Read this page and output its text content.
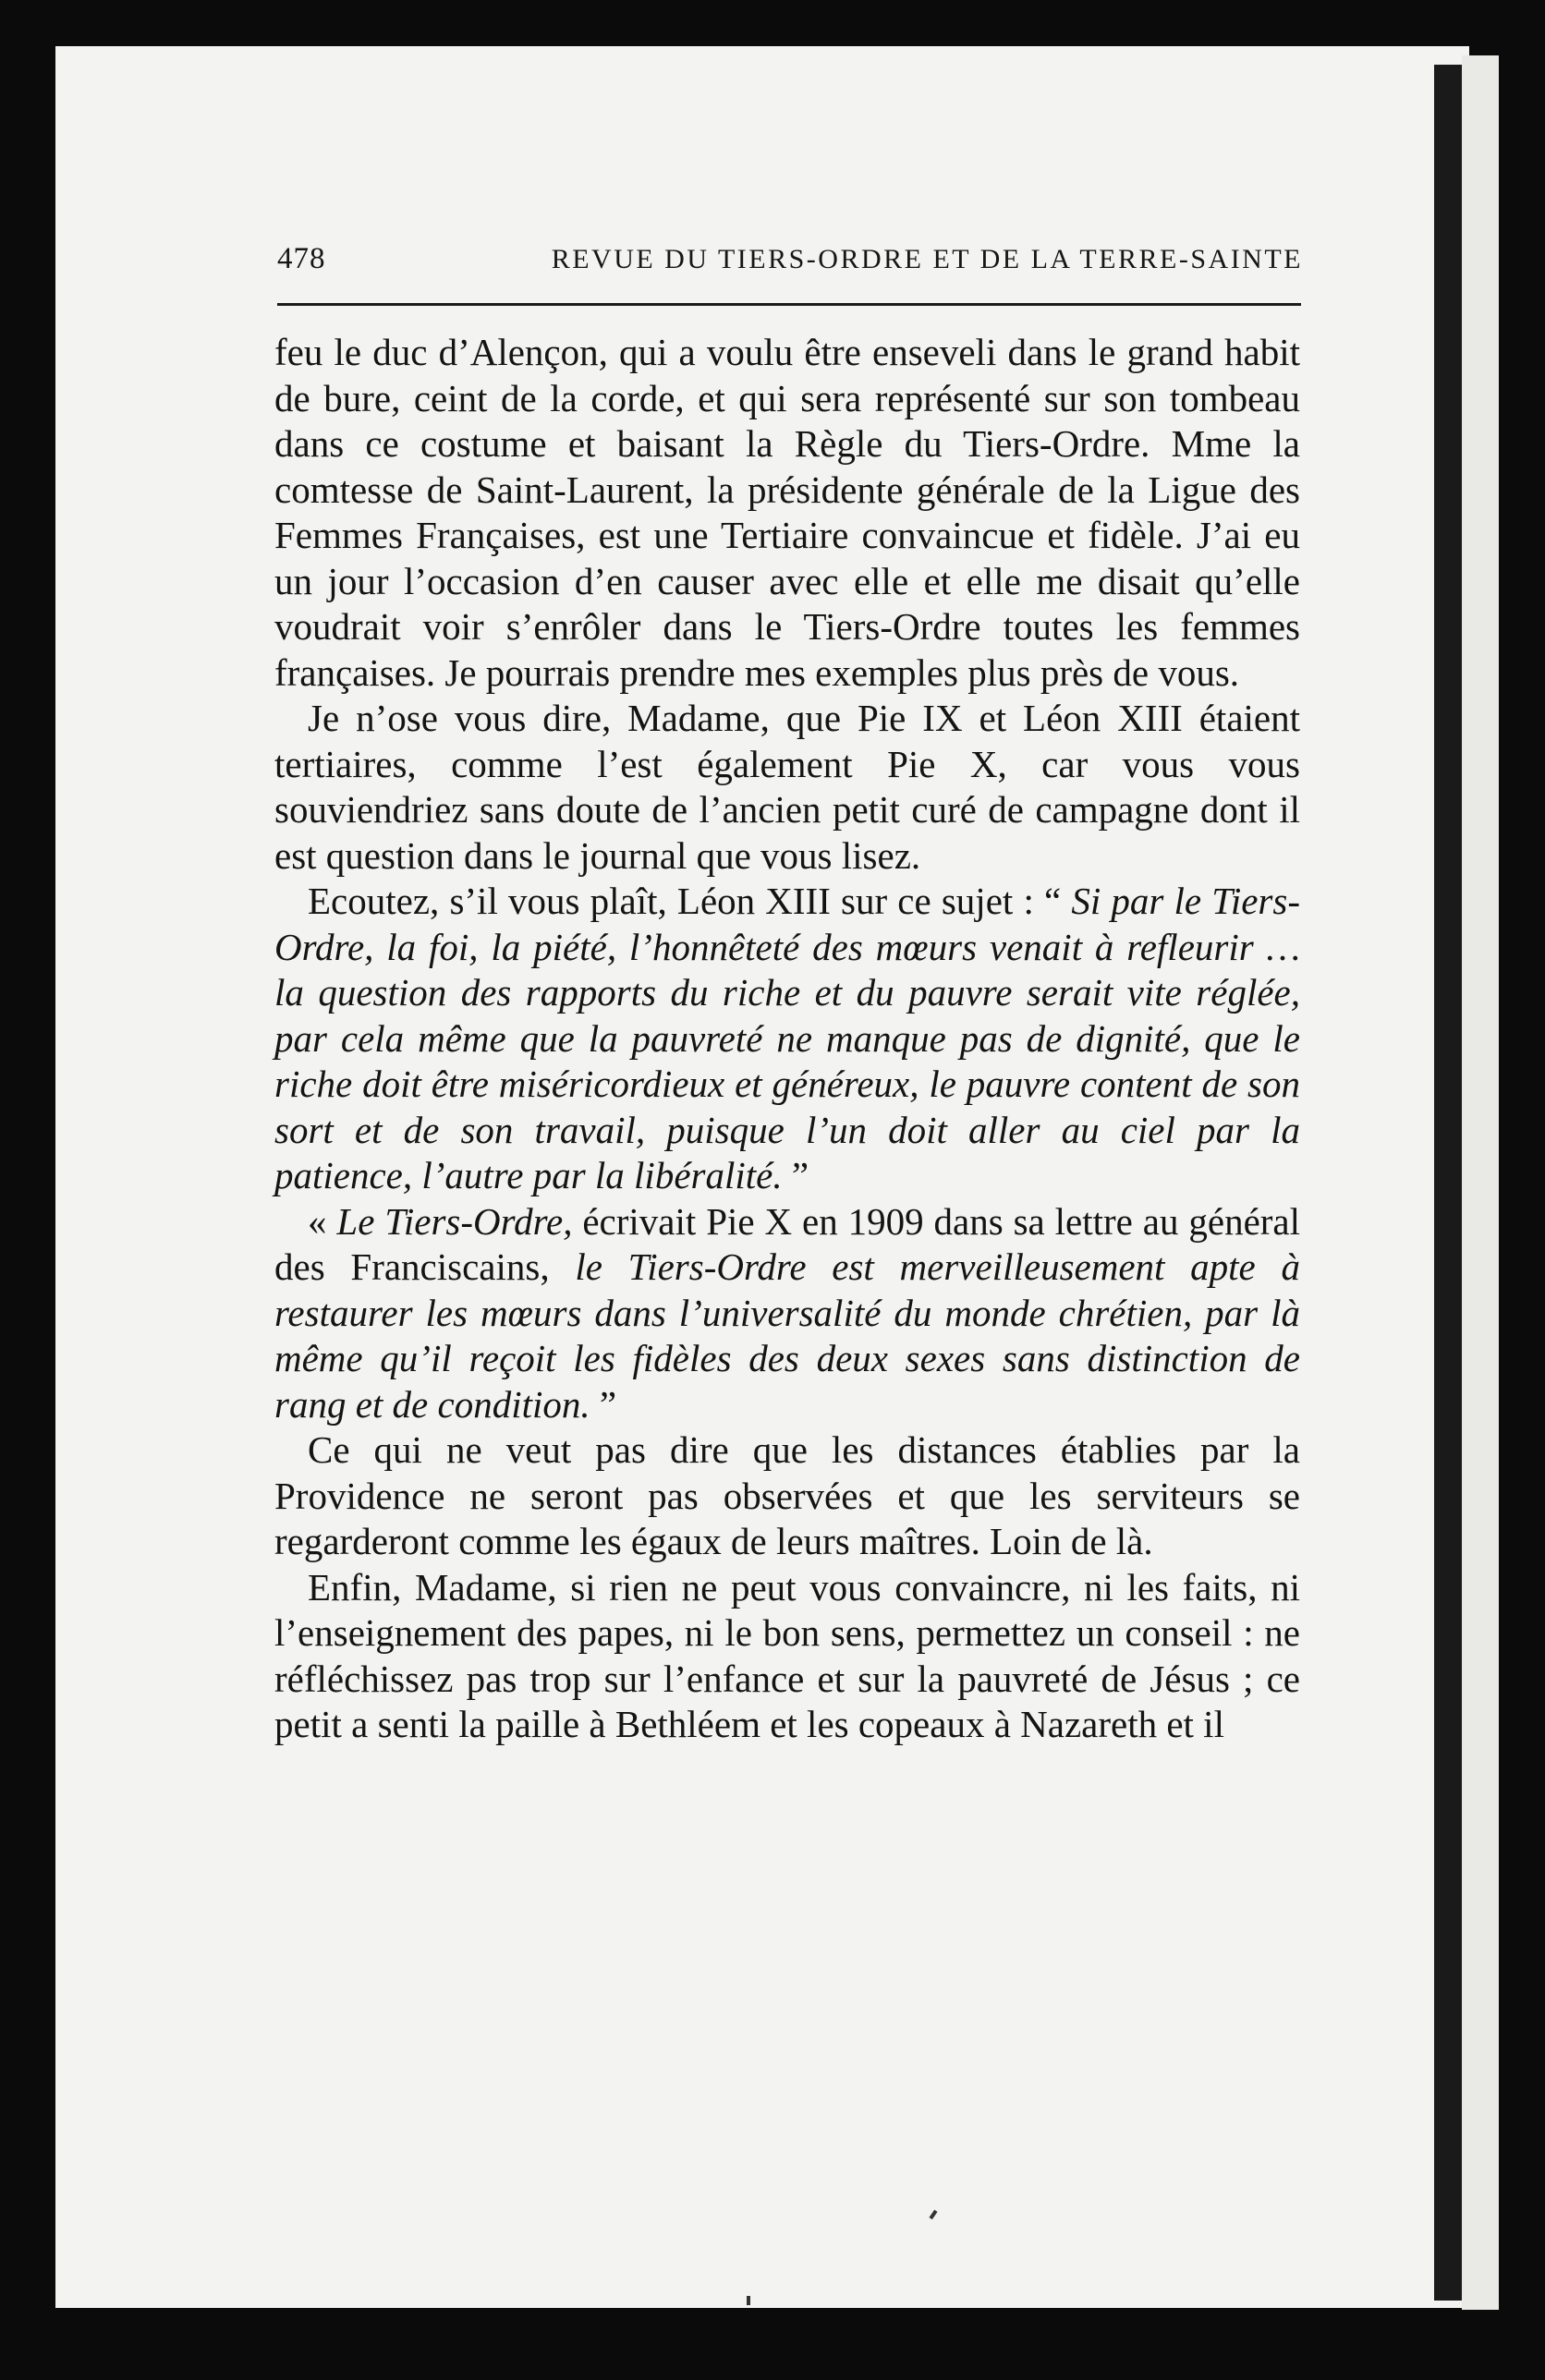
478	REVUE DU TIERS-ORDRE ET DE LA TERRE-SAINTE

feu le duc d’Alençon, qui a voulu être enseveli dans le grand habit de bure, ceint de la corde, et qui sera représenté sur son tombeau dans ce costume et baisant la Règle du Tiers-Ordre. Mme la comtesse de Saint-Laurent, la présidente générale de la Ligue des Femmes Françaises, est une Tertiaire convaincue et fidèle. J’ai eu un jour l’occasion d’en causer avec elle et elle me disait qu’elle voudrait voir s’enrôler dans le Tiers-Ordre toutes les femmes françaises. Je pourrais prendre mes exemples plus près de vous.

Je n’ose vous dire, Madame, que Pie IX et Léon XIII étaient tertiaires, comme l’est également Pie X, car vous vous souviendriez sans doute de l’ancien petit curé de campagne dont il est question dans le journal que vous lisez.

Ecoutez, s’il vous plaît, Léon XIII sur ce sujet : “ Si par le Tiers-Ordre, la foi, la piété, l’honnêteté des mœurs venait à refleurir … la question des rapports du riche et du pauvre serait vite réglée, par cela même que la pauvreté ne manque pas de dignité, que le riche doit être miséricordieux et généreux, le pauvre content de son sort et de son travail, puisque l’un doit aller au ciel par la patience, l’autre par la libéralité. ”

« Le Tiers-Ordre, écrivait Pie X en 1909 dans sa lettre au général des Franciscains, le Tiers-Ordre est merveilleusement apte à restaurer les mœurs dans l’universalité du monde chrétien, par là même qu’il reçoit les fidèles des deux sexes sans distinction de rang et de condition. ”

Ce qui ne veut pas dire que les distances établies par la Providence ne seront pas observées et que les serviteurs se regarderont comme les égaux de leurs maîtres. Loin de là.

Enfin, Madame, si rien ne peut vous convaincre, ni les faits, ni l’enseignement des papes, ni le bon sens, permettez un conseil : ne réfléchissez pas trop sur l’enfance et sur la pauvreté de Jésus ; ce petit a senti la paille à Bethléem et les copeaux à Nazareth et il
